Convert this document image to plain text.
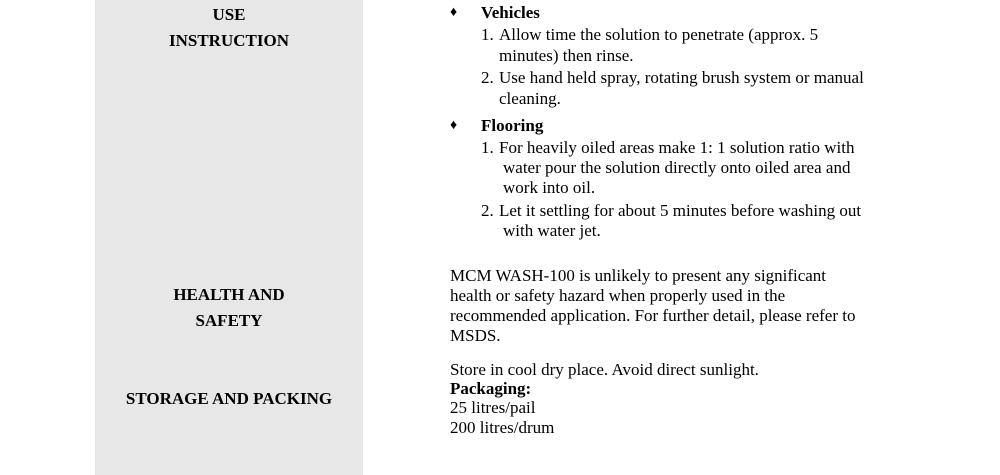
USE
INSTRUCTION
HEALTH AND
SAFETY
STORAGE AND PACKING
♦ Vehicles
1. Allow time the solution to penetrate (approx. 5
minutes) then rinse.
2. Use hand held spray, rotating brush system or manual
cleaning.
♦ Flooring
1. For heavily oiled areas make 1: 1 solution ratio with
water pour the solution directly onto oiled area and
work into oil.
2. Let it settling for about 5 minutes before washing out
with water jet.
MCM WASH-100 is unlikely to present any significant
health or safety hazard when properly used in the
recommended application. For further detail, please refer to
MSDS.
Store in cool dry place. Avoid direct sunlight.
Packaging:
25 litres/pail
200 litres/drum
